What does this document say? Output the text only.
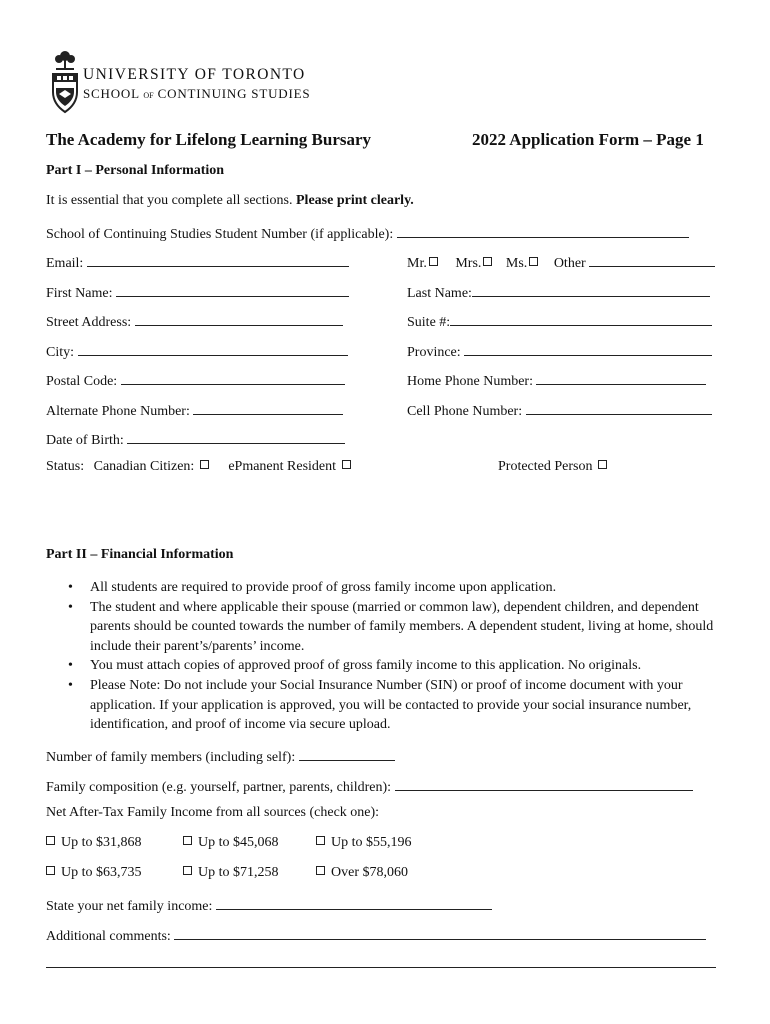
UNIVERSITY OF TORONTO
SCHOOL OF CONTINUING STUDIES
The Academy for Lifelong Learning Bursary	2022 Application Form – Page 1
Part I – Personal Information
It is essential that you complete all sections. Please print clearly.
School of Continuing Studies Student Number (if applicable):
Email:	Mr. Mrs. Ms. Other
First Name:	Last Name:
Street Address:	Suite #:
City:	Province:
Postal Code:	Home Phone Number:
Alternate Phone Number:	Cell Phone Number:
Date of Birth:
Status: Canadian Citizen: ePmanent Resident	Protected Person
Part II – Financial Information
• All students are required to provide proof of gross family income upon application.
• The student and where applicable their spouse (married or common law), dependent children, and dependent parents should be counted towards the number of family members. A dependent student, living at home, should include their parent’s/parents’ income.
• You must attach copies of approved proof of gross family income to this application. No originals.
• Please Note: Do not include your Social Insurance Number (SIN) or proof of income document with your application. If your application is approved, you will be contacted to provide your social insurance number, identification, and proof of income via secure upload.
Number of family members (including self):
Family composition (e.g. yourself, partner, parents, children):
Net After-Tax Family Income from all sources (check one):
Up to $31,868	Up to $45,068	Up to $55,196
Up to $63,735	Up to $71,258	Over $78,060
State your net family income:
Additional comments:
